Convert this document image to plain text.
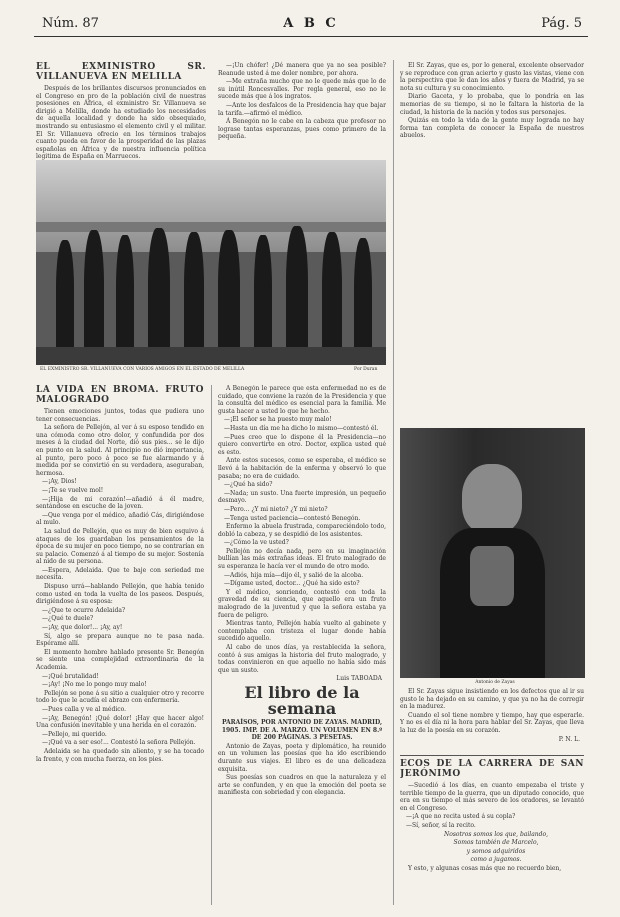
Núm. 87	A B C	Pág. 5
EL EXMINISTRO SR. VILLANUEVA EN MELILLA

Después de los brillantes discursos pronunciados en el Congreso en pro de la población civil de nuestras posesiones en África, el exministro Sr. Villanueva se dirigió a Melilla, donde ha estudiado los necesidades de aquella localidad y donde ha sido obsequiado, mostrando su entusiasmo el elemento civil y el militar. El Sr. Villanueva ofrecio en los términos trabajos cuanto pueda en favor de la prosperidad de las plazas españolas en África y de nuestra influencia política legitima de España en Marruecos.

—¡Un chófer! ¿Dé manera que ya no sea posible? Reanude usted á me doler nombre, por ahora.

—Me extraña mucho que no le quede más que lo de su inútil Roncesvalles. Por regla general, eso no le sucede más que á los ingratos.

—Ante los desfalcos de la Presidencia hay que bajar la tarifa.—afirmó el médico.

Á Benegón no le cabe en la cabeza que profesor no lograse tantas esperanzas, pues como primero de la pequeña.

EL EXMINISTRO SR. VILLANUEVA CON VARIOS AMIGOS EN EL ESTADO DE MELILLA	Por Duran
LA VIDA EN BROMA. FRUTO MALOGRADO

Tienen emociones juntos, todas que pudiera uno tener consecuencias.

La señora de Pellejón, al ver á su esposo tendido en una cómoda como otro dolor, y confundida por dos meses á la ciudad del Norte, dió sus pies... se le dijo en punto en la salud. Al principio no dió importancia, al punto, pero poco á poco se fue alarmando y á medida por se convirtió en su verdadera, aseguraban, hermosa.

—¡Ay, Dios!

—¡Te se vuelve mol!

—¡Hija de mi corazón!—añadió á él madre, sentándose en escuche de la joven.

—Que venga por el médico, añadió Cás, dirigiéndose al mulo.

La salud de Pellejón, que es muy de bien esquivo á ataques de los guardaban los pensamientos de la época de su mujer en poco tiempo, no se contrarían en su palacio. Comenzó á al tiempo de su mejor. Sostenía al nido de su persona.

—Espera, Adelaida. Que te baje con seriedad me necesita.

Dispuso urrá—hablando Pellejón, que había tenido como usted en toda la vuelta de los paseos. Después, dirigiéndose á su esposa:

—¿Que te ocurre Adelaida?

—¿Qué te duele?

—¡Ay, que dolor!... ¡Ay, ay!

Sí, algo se prepara aunque no te pasa nada. Espérame allí.

El momento hombre hablado presente Sr. Benegón se siente una complejidad extraordinaria de la Academia.

—¡Qué brutalidad!

—¡Ay! ¡No me lo pongo muy malo!

Pellejón se pone á su sitio a cualquier otro y recorre todo lo que le acudía el abrazo con enfermería.

—Pues calla y ve al médico.

—¡Ay, Benegón! ¡Qué dolor! ¡Hay que hacer algo! Una confusión inevitable y una herida en el corazón.

—Pellejo, mi querido.

—¡Qué va a ser eso!... Contestó la señora Pellejón.

Adelaida se ha quedado sin aliento, y se ha tocado la frente, y con mucha fuerza, en los pies.

Á Benegón le parece que esta enfermedad no es de cuidado, que conviene la razón de la Presidencia y que la consulta del médico es esencial para la familia. Me gusta hacer a usted lo que he hecho.

—¡El señor se ha puesto muy malo!

—Hasta un día me ha dicho lo mismo—contestó él.

—Pues creo que lo dispone él la Presidencia—no quiero convertirte en otro. Doctor, explica usted qué es esto.

Ante estos sucesos, como se esperaba, el médico se llevó á la habitación de la enferma y observó lo que pasaba; no era de cuidado.

—¿Qué ha sido?

—Nada; un susto. Una fuerte impresión, un pequeño desmayo.

—Pero... ¿Y mi nieto? ¿Y mi nieto?

—Tenga usted paciencia—contestó Benegón.

Enfermo la abuela frustrada, compareciéndolo todo, dobló la cabeza, y se despidió de los asistentes.

—¿Cómo la ve usted?

Pellejón no decía nada, pero en su imaginación bullían las más extrañas ideas. El fruto malogrado de su esperanza le hacía ver el mundo de otro modo.

—Adiós, hija mía—dijo él, y salió de la alcoba.

—Dígame usted, doctor... ¿Qué ha sido esto?

Y el médico, sonriendo, contestó con toda la gravedad de su ciencia, que aquello era un fruto malogrado de la juventud y que la señora estaba ya fuera de peligro.

Mientras tanto, Pellejón había vuelto al gabinete y contemplaba con tristeza el lugar donde había sucedido aquello.

Al cabo de unos días, ya restablecida la señora, contó á sus amigas la historia del fruto malogrado, y todas convinieron en que aquello no había sido más que un susto.

Luis TABOADA
El libro de la semana

PARAÍSOS, POR ANTONIO DE ZAYAS. MADRID, 1905. IMP. DE A. MARZO. UN VOLUMEN EN 8.º DE 200 PÁGINAS. 3 PESETAS.

Antonio de Zayas, poeta y diplomático, ha reunido en un volumen las poesías que ha ido escribiendo durante sus viajes. El libro es de una delicadeza exquisita.

Sus poesías son cuadros en que la naturaleza y el arte se confunden, y en que la emoción del poeta se manifiesta con sobriedad y con elegancia.

El Sr. Zayas, que es, por lo general, excelente observador y se reproduce con gran acierto y gusto las vistas, viene con la perspectiva que le dan los años y fuera de Madrid, ya se nota su cultura y su conocimiento.

Diario Gaceta, y lo probaba, que lo pondría en las memorias de su tiempo, si no le faltara la historia de la ciudad, la historia de la nación y todos sus personajes.

Quizás en todo la vida de la gente muy lograda no hay forma tan completa de conocer la España de nuestros abuelos.

Antonio de Zayas

El Sr. Zayas sigue insistiendo en los defectos que al ir su gusto le ha dejado en su camino, y que ya no ha de corregir en la madurez.

Cuando el sol tiene nombre y tiempo, hay que esperarle. Y no es el día ni la hora para hablar del Sr. Zayas, que lleva la luz de la poesía en su corazón.

P. N. L.
ECOS DE LA CARRERA DE SAN JERÓNIMO

—Sucedió á los días, en cuanto empezaba el triste y terrible tiempo de la guerra, que un diputado conocido, que era en su tiempo el más severo de los oradores, se levantó en el Congreso.

—¡A que no recita usted á su copla?

—Sí, señor, sí la recito.

Nosotros somos los que, bailando,

Somos también de Marcelo,

y somos adquiridos

como a jugamos.

Y esto, y algunas cosas más que no recuerdo bien,
